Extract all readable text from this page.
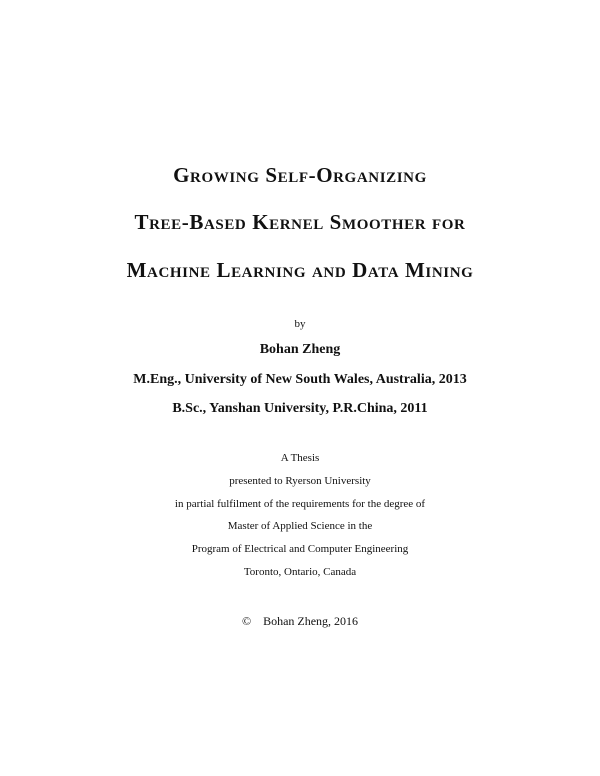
Growing Self-Organizing
Tree-Based Kernel Smoother for
Machine Learning and Data Mining
by
Bohan Zheng
M.Eng., University of New South Wales, Australia, 2013
B.Sc., Yanshan University, P.R.China, 2011
A Thesis
presented to Ryerson University
in partial fulfilment of the requirements for the degree of
Master of Applied Science in the
Program of Electrical and Computer Engineering
Toronto, Ontario, Canada
© Bohan Zheng, 2016
